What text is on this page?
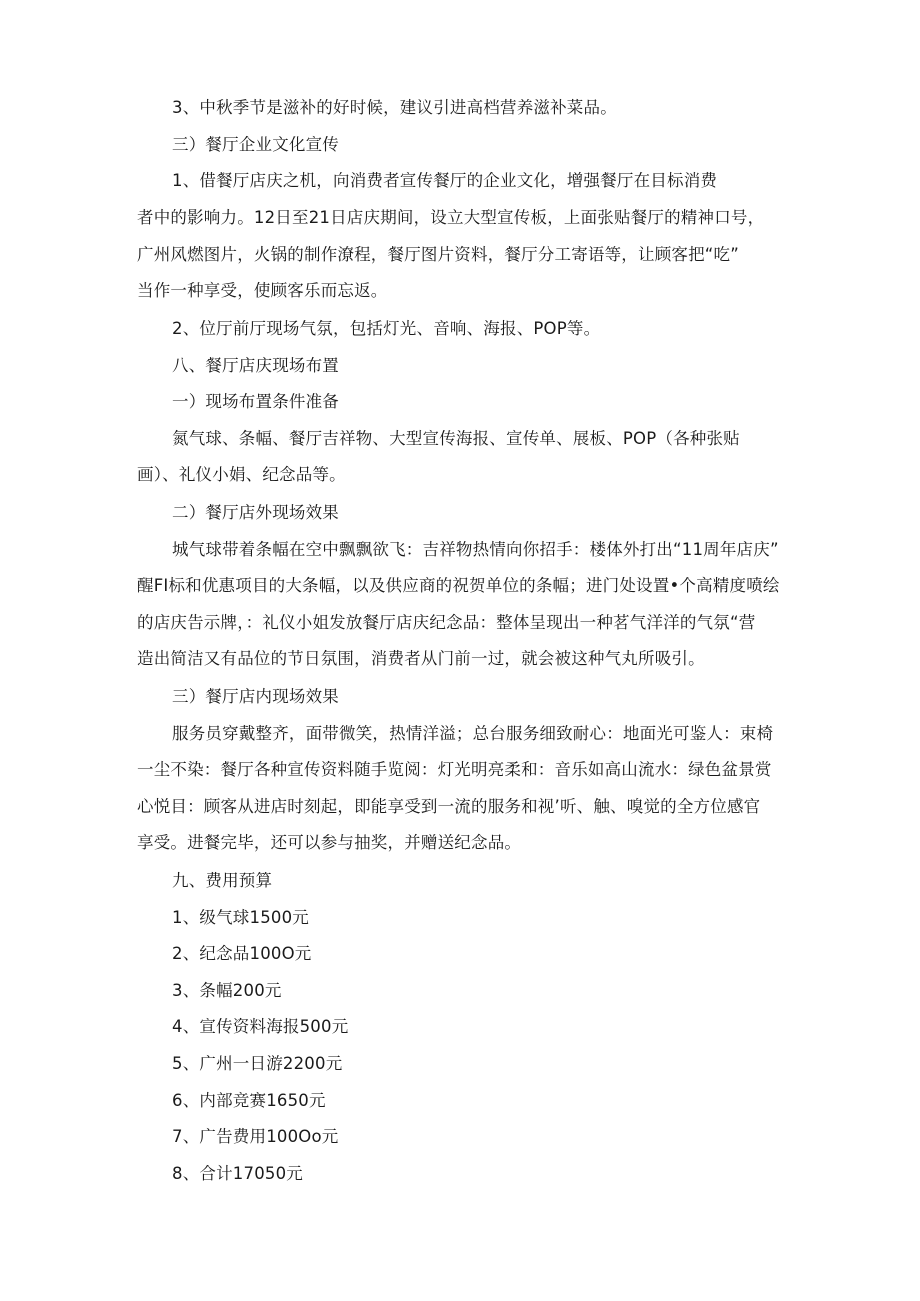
3、中秋季节是滋补的好时候，建议引进高档营养滋补菜品。
三）餐厅企业文化宣传
1、借餐厅店庆之机，向消费者宣传餐厅的企业文化，增强餐厅在目标消费
者中的影响力。12日至21日店庆期间，设立大型宣传板，上面张贴餐厅的精神口号，
广州风燃图片，火锅的制作潦程，餐厅图片资料，餐厅分工寄语等，让顾客把“吃”
当作一种享受，使顾客乐而忘返。
2、位厅前厅现场气氛，包括灯光、音响、海报、POP等。
八、餐厅店庆现场布置
一）现场布置条件准备
氮气球、条幅、餐厅吉祥物、大型宣传海报、宣传单、展板、POP（各种张贴
画）、礼仪小娟、纪念品等。
二）餐厅店外现场效果
城气球带着条幅在空中飘飘欲飞：吉祥物热情向你招手：楼体外打出“11周年店庆”
醒FI标和优惠项目的大条幅，以及供应商的祝贺单位的条幅；进门处设置•个高精度喷绘
的店庆告示牌，：礼仪小姐发放餐厅店庆纪念品：整体呈现出一种茗气洋洋的气氛“营
造出简洁又有品位的节日氛围，消费者从门前一过，就会被这种气丸所吸引。
三）餐厅店内现场效果
服务员穿戴整齐，面带微笑，热情洋溢；总台服务细致耐心：地面光可鉴人：束椅
一尘不染：餐厅各种宣传资料随手览阅：灯光明亮柔和：音乐如高山流水：绿色盆景赏
心悦目：顾客从进店时刻起，即能享受到一流的服务和视’听、触、嗅觉的全方位感官
享受。进餐完毕，还可以参与抽奖，并赠送纪念品。
九、费用预算
1、级气球1500元
2、纪念品100O元
3、条幅200元
4、宣传资料海报500元
5、广州一日游2200元
6、内部竞赛1650元
7、广告费用100Oo元
8、合计17050元
